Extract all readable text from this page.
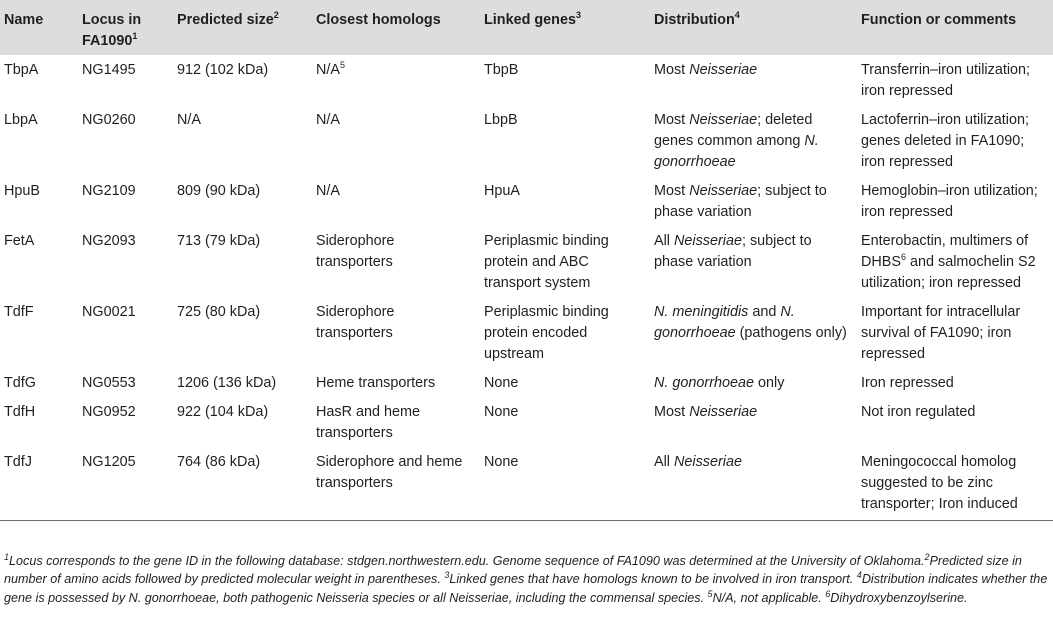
Name	Locus in FA1090$^1$	Predicted size$^2$	Closest homologs	Linked genes$^3$	Distribution$^4$	Function or comments
TbpA	NG1495	912 (102 kDa)	$N/A^5$	TbpB	Most Neisseriae	Transferrin–iron utilization; iron repressed
LbpA	NG0260	N/A	N/A	LbpB	Most Neisseriae; deleted genes common among N. gonorrhoeae	Lactoferrin–iron utilization; genes deleted in FA1090; iron repressed
HpuB	NG2109	809 (90 kDa)	N/A	HpuA	Most Neisseriae; subject to phase variation	Hemoglobin–iron utilization; iron repressed
FetA	NG2093	713 (79 kDa)	Siderophore transporters	Periplasmic binding protein and ABC transport system	All Neisseriae; subject to phase variation	Enterobactin, multimers of DHBS$^6$ and salmochelin S2 utilization; iron repressed
TdfF	NG0021	725 (80 kDa)	Siderophore transporters	Periplasmic binding protein encoded upstream	N. meningitidis and N. gonorrhoeae (pathogens only)	Important for intracellular survival of FA1090; iron repressed
TdfG	NG0553	1206 (136 kDa)	Heme transporters	None	N. gonorrhoeae only	Iron repressed
TdfH	NG0952	922 (104 kDa)	HasR and heme transporters	None	Most Neisseriae	Not iron regulated
TdfJ	NG1205	764 (86 kDa)	Siderophore and heme transporters	None	All Neisseriae	Meningococcal homolog suggested to be zinc transporter; Iron induced
$^1$Locus corresponds to the gene ID in the following database: stdgen.northwestern.edu. Genome sequence of FA1090 was determined at the University of Oklahoma.$^2$Predicted size in number of amino acids followed by predicted molecular weight in parentheses. $^3$Linked genes that have homologs known to be involved in iron transport. $^4$Distribution indicates whether the gene is possessed by N. gonorrhoeae, both pathogenic Neisseria species or all Neisseriae, including the commensal species. $^5$N/A, not applicable. $^6$Dihydroxybenzoylserine.
